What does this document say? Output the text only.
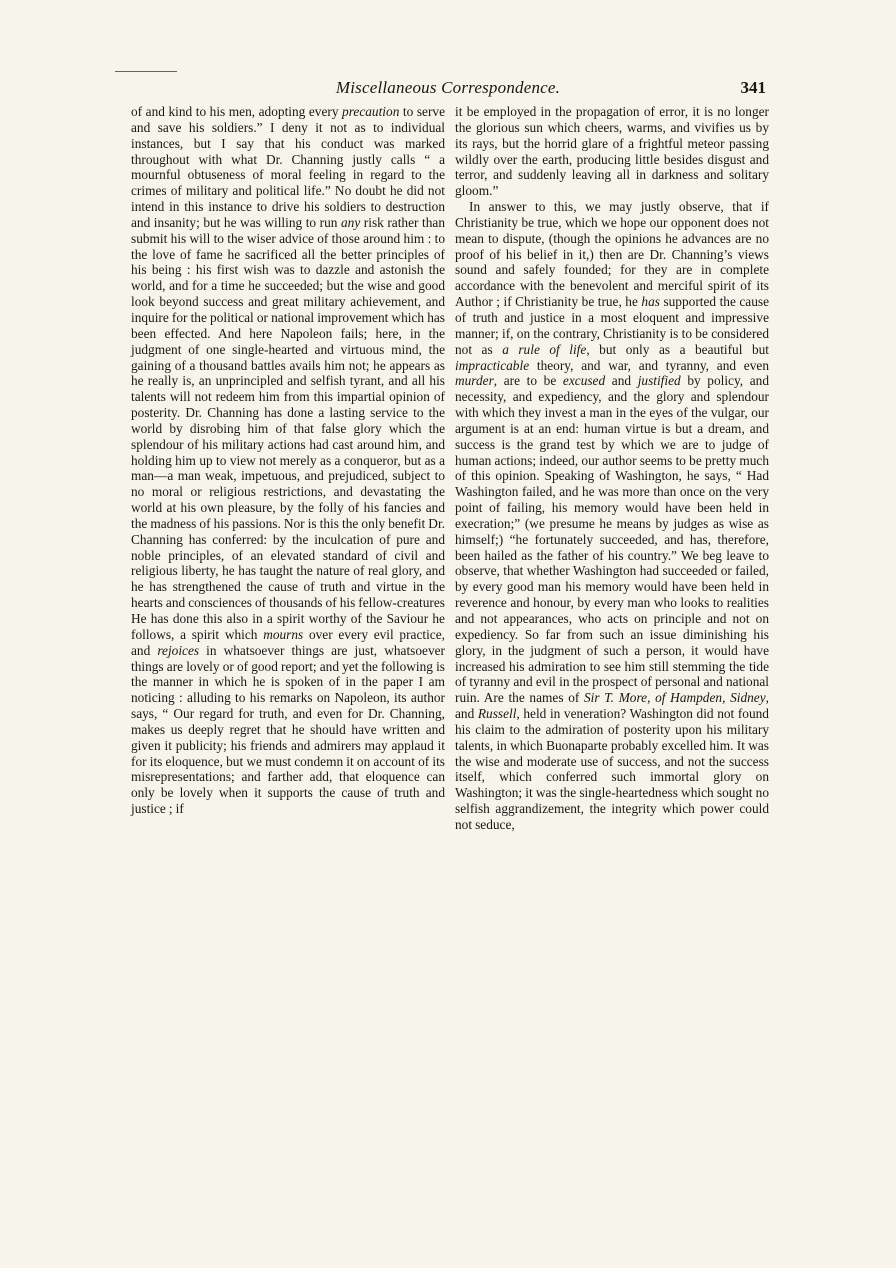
Miscellaneous Correspondence.	341

of and kind to his men, adopting every precaution to serve and save his soldiers.” I deny it not as to individual instances, but I say that his conduct was marked throughout with what Dr. Channing justly calls “ a mournful obtuseness of moral feeling in regard to the crimes of military and political life.” No doubt he did not intend in this instance to drive his soldiers to destruction and insanity; but he was willing to run any risk rather than submit his will to the wiser advice of those around him : to the love of fame he sacrificed all the better principles of his being : his first wish was to dazzle and astonish the world, and for a time he succeeded; but the wise and good look beyond success and great military achievement, and inquire for the political or national improvement which has been effected. And here Napoleon fails; here, in the judgment of one single-hearted and virtuous mind, the gaining of a thousand battles avails him not; he appears as he really is, an unprincipled and selfish tyrant, and all his talents will not redeem him from this impartial opinion of posterity. Dr. Channing has done a lasting service to the world by disrobing him of that false glory which the splendour of his military actions had cast around him, and holding him up to view not merely as a conqueror, but as a man—a man weak, impetuous, and prejudiced, subject to no moral or religious restrictions, and devastating the world at his own pleasure, by the folly of his fancies and the madness of his passions. Nor is this the only benefit Dr. Channing has conferred: by the inculcation of pure and noble principles, of an elevated standard of civil and religious liberty, he has taught the nature of real glory, and he has strengthened the cause of truth and virtue in the hearts and consciences of thousands of his fellow-creatures He has done this also in a spirit worthy of the Saviour he follows, a spirit which mourns over every evil practice, and rejoices in whatsoever things are just, whatsoever things are lovely or of good report; and yet the following is the manner in which he is spoken of in the paper I am noticing : alluding to his remarks on Napoleon, its author says, “ Our regard for truth, and even for Dr. Channing, makes us deeply regret that he should have written and given it publicity; his friends and admirers may applaud it for its eloquence, but we must condemn it on account of its misrepresentations; and farther add, that eloquence can only be lovely when it supports the cause of truth and justice ; if

it be employed in the propagation of error, it is no longer the glorious sun which cheers, warms, and vivifies us by its rays, but the horrid glare of a frightful meteor passing wildly over the earth, producing little besides disgust and terror, and suddenly leaving all in darkness and solitary gloom.”

In answer to this, we may justly observe, that if Christianity be true, which we hope our opponent does not mean to dispute, (though the opinions he advances are no proof of his belief in it,) then are Dr. Channing’s views sound and safely founded; for they are in complete accordance with the benevolent and merciful spirit of its Author ; if Christianity be true, he has supported the cause of truth and justice in a most eloquent and impressive manner; if, on the contrary, Christianity is to be considered not as a rule of life, but only as a beautiful but impracticable theory, and war, and tyranny, and even murder, are to be excused and justified by policy, and necessity, and expediency, and the glory and splendour with which they invest a man in the eyes of the vulgar, our argument is at an end: human virtue is but a dream, and success is the grand test by which we are to judge of human actions; indeed, our author seems to be pretty much of this opinion. Speaking of Washington, he says, “ Had Washington failed, and he was more than once on the very point of failing, his memory would have been held in execration;” (we presume he means by judges as wise as himself;) “he fortunately succeeded, and has, therefore, been hailed as the father of his country.” We beg leave to observe, that whether Washington had succeeded or failed, by every good man his memory would have been held in reverence and honour, by every man who looks to realities and not appearances, who acts on principle and not on expediency. So far from such an issue diminishing his glory, in the judgment of such a person, it would have increased his admiration to see him still stemming the tide of tyranny and evil in the prospect of personal and national ruin. Are the names of Sir T. More, of Hampden, Sidney, and Russell, held in veneration? Washington did not found his claim to the admiration of posterity upon his military talents, in which Buonaparte probably excelled him. It was the wise and moderate use of success, and not the success itself, which conferred such immortal glory on Washington; it was the single-heartedness which sought no selfish aggrandizement, the integrity which power could not seduce,
